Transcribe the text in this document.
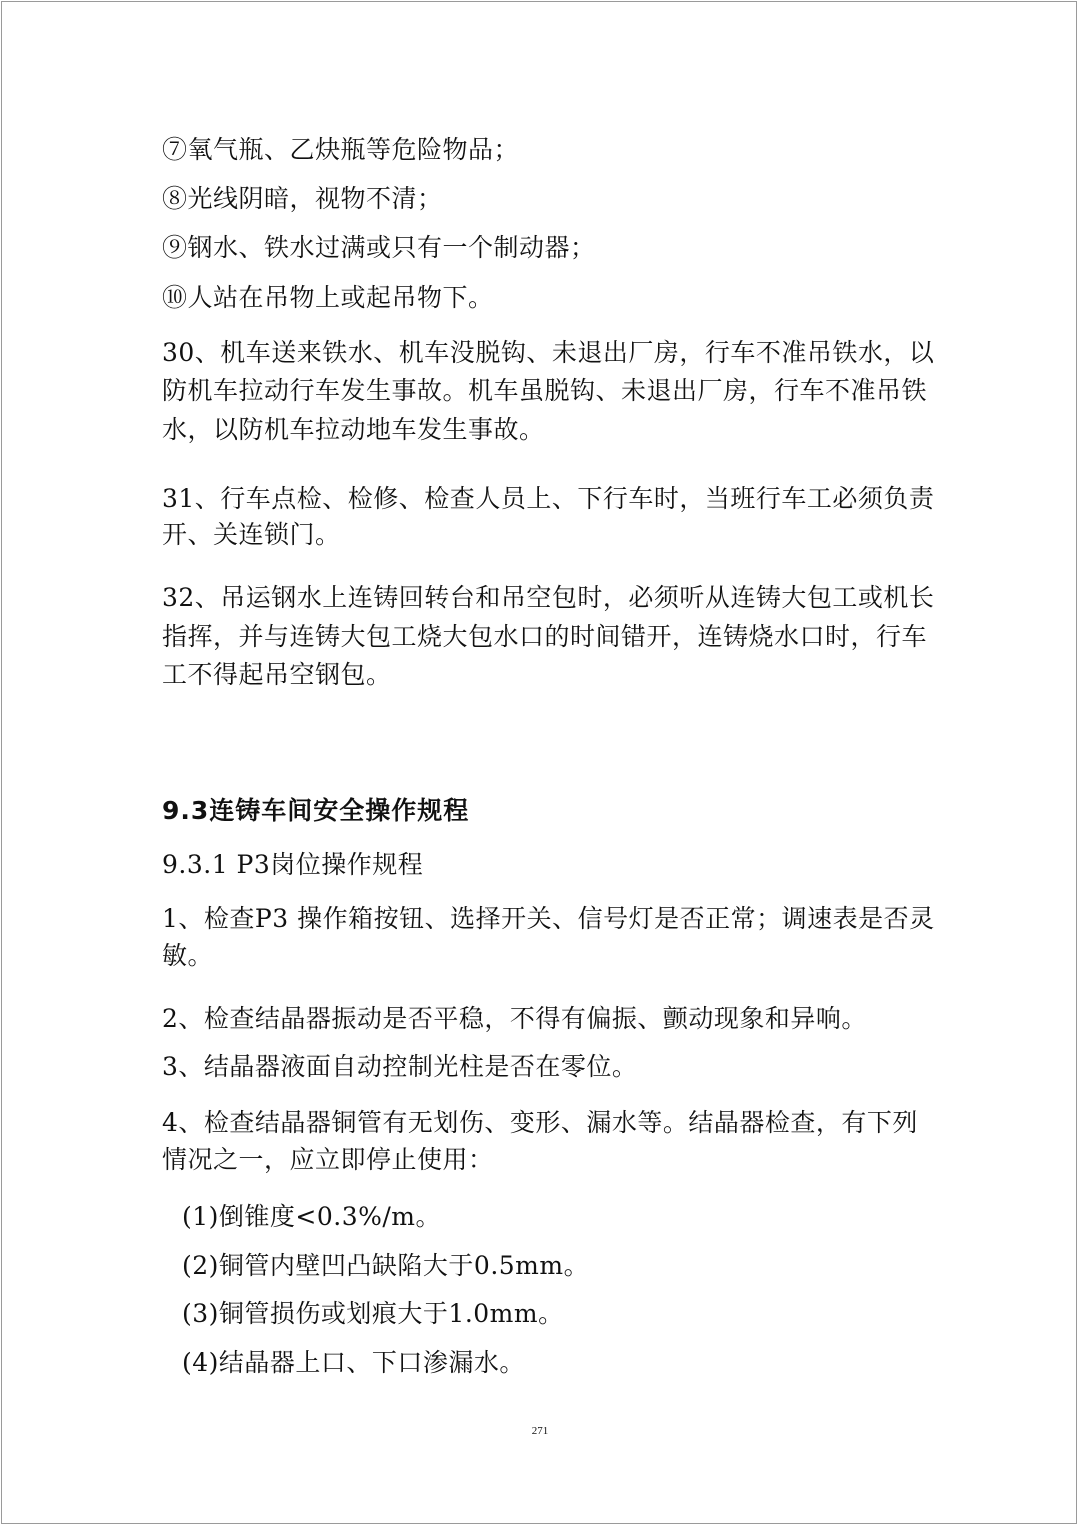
⑦氧气瓶、乙炔瓶等危险物品；
⑧光线阴暗，视物不清；
⑨钢水、铁水过满或只有一个制动器；
⑩人站在吊物上或起吊物下。
30、机车送来铁水、机车没脱钩、未退出厂房，行车不准吊铁水，以
防机车拉动行车发生事故。机车虽脱钩、未退出厂房，行车不准吊铁
水，以防机车拉动地车发生事故。
31、行车点检、检修、检查人员上、下行车时，当班行车工必须负责
开、关连锁门。
32、吊运钢水上连铸回转台和吊空包时，必须听从连铸大包工或机长
指挥，并与连铸大包工烧大包水口的时间错开，连铸烧水口时，行车
工不得起吊空钢包。
9.3连铸车间安全操作规程
9.3.1 P3岗位操作规程
1、检查P3 操作箱按钮、选择开关、信号灯是否正常；调速表是否灵
敏。
2、检查结晶器振动是否平稳，不得有偏振、颤动现象和异响。
3、结晶器液面自动控制光柱是否在零位。
4、检查结晶器铜管有无划伤、变形、漏水等。结晶器检查，有下列
情况之一，应立即停止使用：
(1)倒锥度<0.3%/m。
(2)铜管内壁凹凸缺陷大于0.5mm。
(3)铜管损伤或划痕大于1.0mm。
(4)结晶器上口、下口渗漏水。
271
